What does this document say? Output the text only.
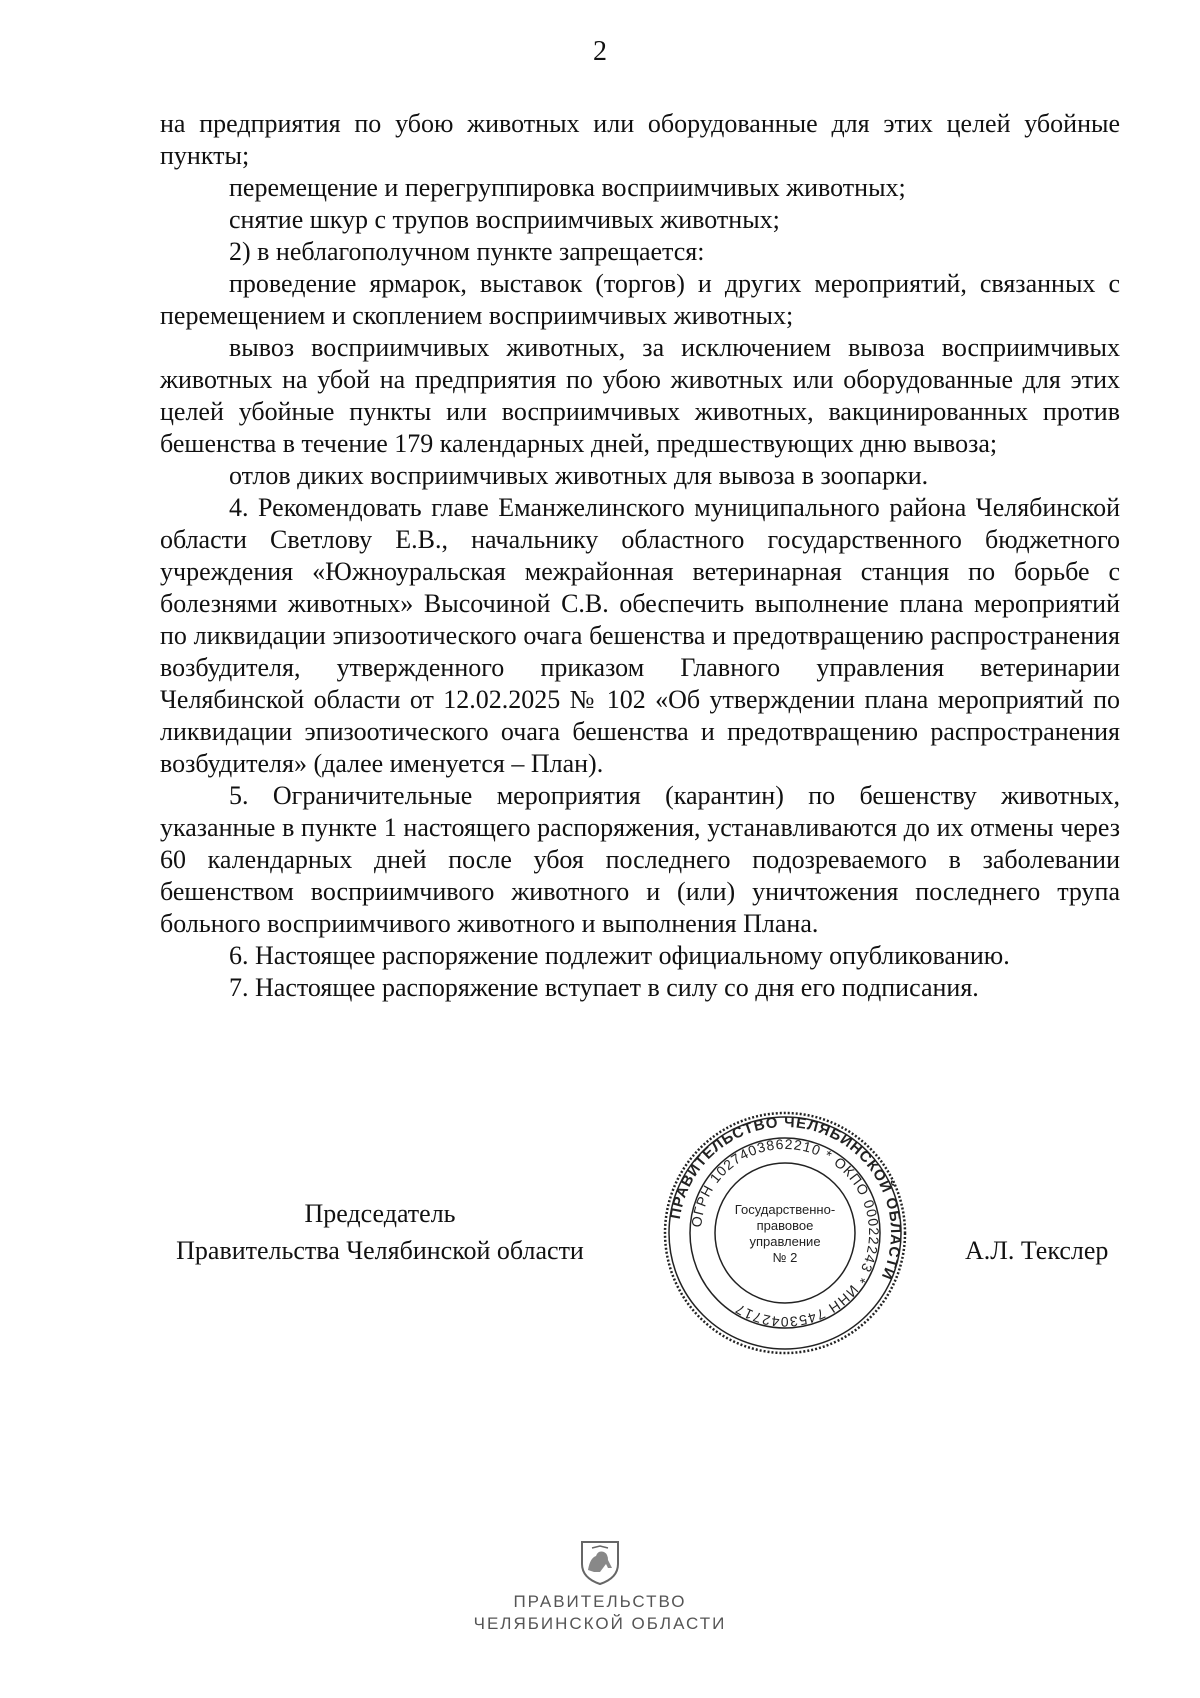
2

на предприятия по убою животных или оборудованные для этих целей убойные пункты;

перемещение и перегруппировка восприимчивых животных;

снятие шкур с трупов восприимчивых животных;

2) в неблагополучном пункте запрещается:

проведение ярмарок, выставок (торгов) и других мероприятий, связанных с перемещением и скоплением восприимчивых животных;

вывоз восприимчивых животных, за исключением вывоза восприимчивых животных на убой на предприятия по убою животных или оборудованные для этих целей убойные пункты или восприимчивых животных, вакцинированных против бешенства в течение 179 календарных дней, предшествующих дню вывоза;

отлов диких восприимчивых животных для вывоза в зоопарки.

4. Рекомендовать главе Еманжелинского муниципального района Челябинской области Светлову Е.В., начальнику областного государственного бюджетного учреждения «Южноуральская межрайонная ветеринарная станция по борьбе с болезнями животных» Высочиной С.В. обеспечить выполнение плана мероприятий по ликвидации эпизоотического очага бешенства и предотвращению распространения возбудителя, утвержденного приказом Главного управления ветеринарии Челябинской области от 12.02.2025 № 102 «Об утверждении плана мероприятий по ликвидации эпизоотического очага бешенства и предотвращению распространения возбудителя» (далее именуется – План).

5. Ограничительные мероприятия (карантин) по бешенству животных, указанные в пункте 1 настоящего распоряжения, устанавливаются до их отмены через 60 календарных дней после убоя последнего подозреваемого в заболевании бешенством восприимчивого животного и (или) уничтожения последнего трупа больного восприимчивого животного и выполнения Плана.

6. Настоящее распоряжение подлежит официальному опубликованию.

7. Настоящее распоряжение вступает в силу со дня его подписания.

Председатель
Правительства Челябинской области
ПРАВИТЕЛЬСТВО ЧЕЛЯБИНСКОЙ ОБЛАСТИ
ОГРН 1027403862210 * ОКПО 00022243 * ИНН 7453042717
Государственно-
правовое
управление
№ 2	А.Л. Текслер
ПРАВИТЕЛЬСТВО
ЧЕЛЯБИНСКОЙ ОБЛАСТИ
